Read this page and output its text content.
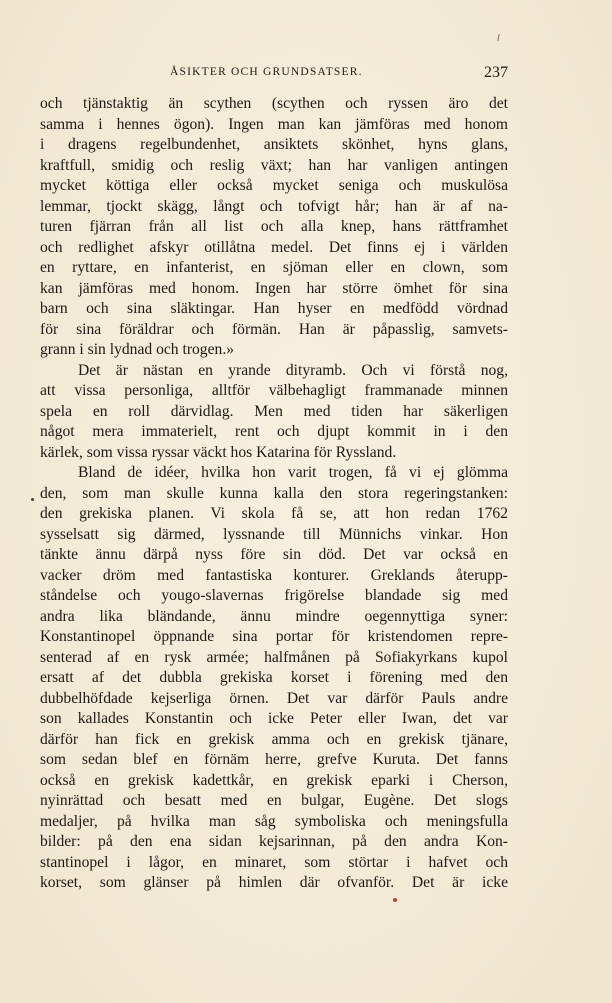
ÅSIKTER OCH GRUNDSATSER.	237
och tjänstaktig än scythen (scythen och ryssen äro det
samma i hennes ögon). Ingen man kan jämföras med honom
i dragens regelbundenhet, ansiktets skönhet, hyns glans,
kraftfull, smidig och reslig växt; han har vanligen antingen
mycket köttiga eller också mycket seniga och muskulösa
lemmar, tjockt skägg, långt och tofvigt hår; han är af na-
turen fjärran från all list och alla knep, hans rättframhet
och redlighet afskyr otillåtna medel. Det finns ej i världen
en ryttare, en infanterist, en sjöman eller en clown, som
kan jämföras med honom. Ingen har större ömhet för sina
barn och sina släktingar. Han hyser en medfödd vördnad
för sina föräldrar och förmän. Han är påpasslig, samvets-
grann i sin lydnad och trogen.»
Det är nästan en yrande dityramb. Och vi förstå nog,
att vissa personliga, alltför välbehagligt frammanade minnen
spela en roll därvidlag. Men med tiden har säkerligen
något mera immaterielt, rent och djupt kommit in i den
kärlek, som vissa ryssar väckt hos Katarina för Ryssland.
Bland de idéer, hvilka hon varit trogen, få vi ej glömma
den, som man skulle kunna kalla den stora regeringstanken:
den grekiska planen. Vi skola få se, att hon redan 1762
sysselsatt sig därmed, lyssnande till Münnichs vinkar. Hon
tänkte ännu därpå nyss före sin död. Det var också en
vacker dröm med fantastiska konturer. Greklands återupp-
ståndelse och yougo-slavernas frigörelse blandade sig med
andra lika bländande, ännu mindre oegennyttiga syner:
Konstantinopel öppnande sina portar för kristendomen repre-
senterad af en rysk armée; halfmånen på Sofiakyrkans kupol
ersatt af det dubbla grekiska korset i förening med den
dubbelhöfdade kejserliga örnen. Det var därför Pauls andre
son kallades Konstantin och icke Peter eller Iwan, det var
därför han fick en grekisk amma och en grekisk tjänare,
som sedan blef en förnäm herre, grefve Kuruta. Det fanns
också en grekisk kadettkår, en grekisk eparki i Cherson,
nyinrättad och besatt med en bulgar, Eugène. Det slogs
medaljer, på hvilka man såg symboliska och meningsfulla
bilder: på den ena sidan kejsarinnan, på den andra Kon-
stantinopel i lågor, en minaret, som störtar i hafvet och
korset, som glänser på himlen där ofvanför. Det är icke
